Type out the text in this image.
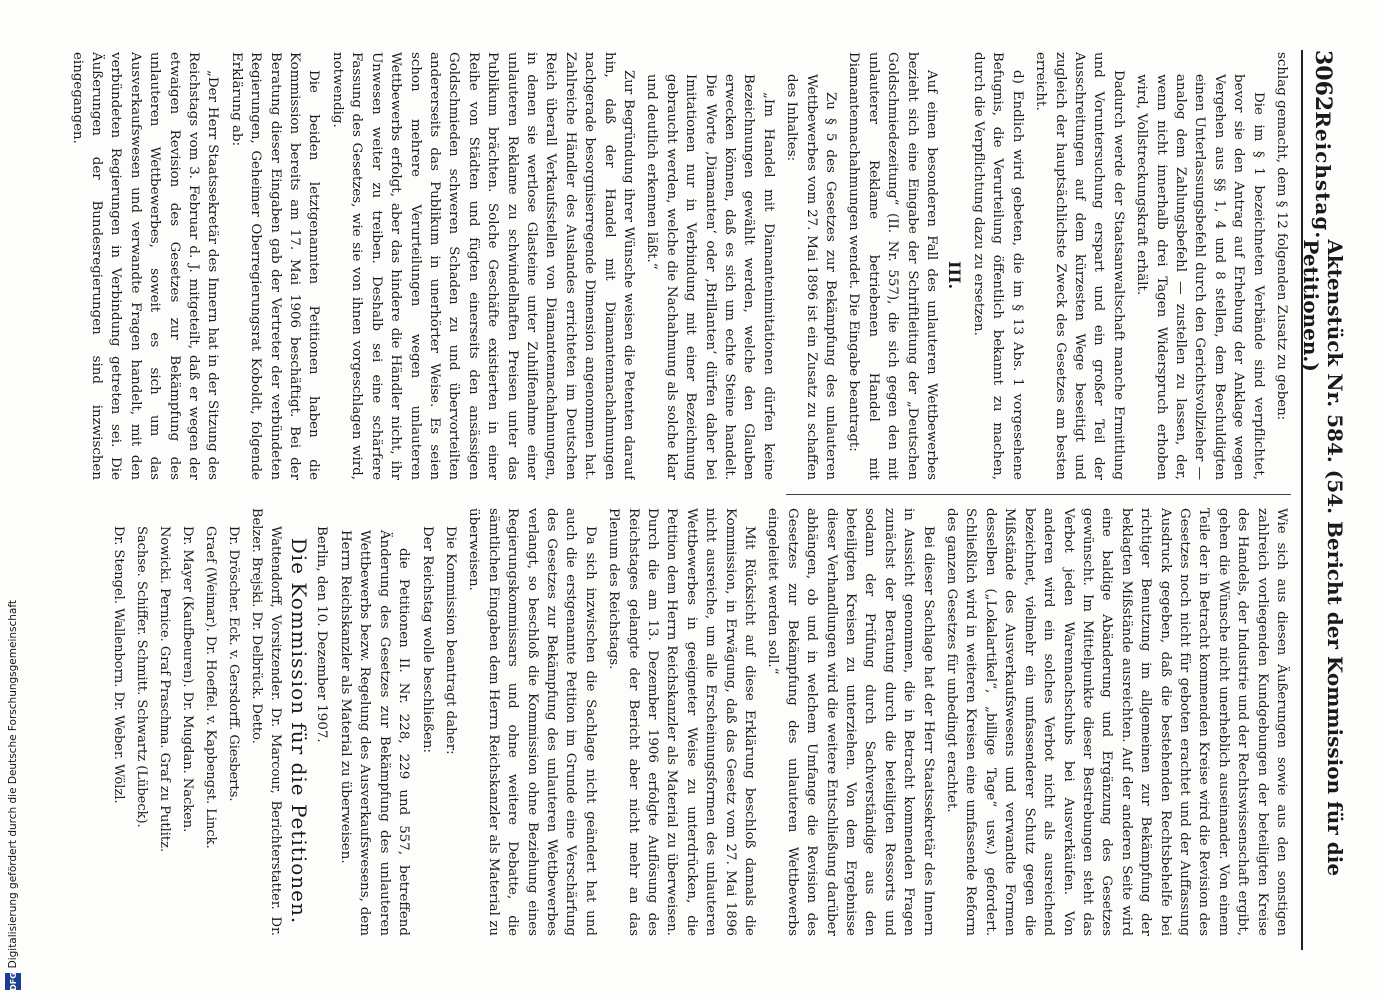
3062
Reichstag.
Aktenstück Nr. 584. (54. Bericht der Kommission für die Petitionen.)

schlag gemacht, dem § 12 folgenden Zusatz zu geben:

Die im § 1 bezeichneten Verbände sind verpflichtet, bevor sie den Antrag auf Erhebung der Anklage wegen Vergehen aus §§ 1, 4 und 8 stellen, dem Beschuldigten einen Unterlassungsbefehl durch den Gerichtsvollzieher — analog dem Zahlungsbefehl — zustellen zu lassen, der, wenn nicht innerhalb drei Tagen Widerspruch erhoben wird, Vollstreckungskraft erhält.

Dadurch werde der Staatsanwaltschaft manche Ermittlung und Voruntersuchung erspart und ein großer Teil der Ausschreitungen auf dem kürzesten Wege beseitigt und zugleich der hauptsächlichste Zweck des Gesetzes am besten erreicht.

d) Endlich wird gebeten, die im § 13 Abs. 1 vorgesehene Befugnis, die Verurteilung öffentlich bekannt zu machen, durch die Verpflichtung dazu zu ersetzen.

III.

Auf einen besonderen Fall des unlauteren Wettbewerbes bezieht sich eine Eingabe der Schriftleitung der „Deutschen Goldschmiedezeitung“ (II. Nr. 557), die sich gegen den mit unlauterer Reklame betriebenen Handel mit Diamantennachahmungen wendet. Die Eingabe beantragt:

Zu § 5 des Gesetzes zur Bekämpfung des unlauteren Wettbewerbes vom 27. Mai 1896 ist ein Zusatz zu schaffen des Inhaltes:

„Im Handel mit Diamantenimitationen dürfen keine Bezeichnungen gewählt werden, welche den Glauben erwecken können, daß es sich um echte Steine handelt. Die Worte ‚Diamanten‘ oder ‚Brillanten‘ dürfen daher bei Imitationen nur in Verbindung mit einer Bezeichnung gebraucht werden, welche die Nachahmung als solche klar und deutlich erkennen läßt.“

Zur Begründung ihrer Wünsche weisen die Petenten darauf hin, daß der Handel mit Diamantennachahmungen nachgerade besorgniserregende Dimension angenommen hat. Zahlreiche Händler des Auslandes errichteten im Deutschen Reich überall Verkaufsstellen von Diamantennachahmungen, in denen sie wertlose Glasteine unter Zuhilfenahme einer unlauteren Reklame zu schwindelhaften Preisen unter das Publikum brächten. Solche Geschäfte existierten in einer Reihe von Städten und fügten einerseits den ansässigen Goldschmieden schweren Schaden zu und übervorteilten andererseits das Publikum in unerhörter Weise. Es seien schon mehrere Verurteilungen wegen unlauteren Wettbewerbs erfolgt, aber das hindere die Händler nicht, ihr Unwesen weiter zu treiben. Deshalb sei eine schärfere Fassung des Gesetzes, wie sie von ihnen vorgeschlagen wird, notwendig.

Die beiden letztgenannten Petitionen haben die Kommission bereits am 17. Mai 1906 beschäftigt. Bei der Beratung dieser Eingaben gab der Vertreter der verbündeten Regierungen, Geheimer Oberregierungsrat Koboldt, folgende Erklärung ab:

„Der Herr Staatssekretär des Innern hat in der Sitzung des Reichstags vom 3. Februar d. J. mitgeteilt, daß er wegen der etwaigen Revision des Gesetzes zur Bekämpfung des unlauteren Wettbewerbes, soweit es sich um das Ausverkaufswesen und verwandte Fragen handelt, mit den verbündeten Regierungen in Verbindung getreten sei. Die Äußerungen der Bundesregierungen sind inzwischen eingegangen.

Wie sich aus diesen Äußerungen sowie aus den sonstigen zahlreich vorliegenden Kundgebungen der beteiligten Kreise des Handels, der Industrie und der Rechtswissenschaft ergibt, gehen die Wünsche nicht unerheblich auseinander. Von einem Teile der in Betracht kommenden Kreise wird die Revision des Gesetzes noch nicht für geboten erachtet und der Auffassung Ausdruck gegeben, daß die bestehenden Rechtsbehelfe bei richtiger Benutzung im allgemeinen zur Bekämpfung der beklagten Mißstände ausreichten. Auf der anderen Seite wird eine baldige Abänderung und Ergänzung des Gesetzes gewünscht. Im Mittelpunkte dieser Bestrebungen steht das Verbot jeden Warennachschubs bei Ausverkäufen. Von anderen wird ein solches Verbot nicht als ausreichend bezeichnet, vielmehr ein umfassenderer Schutz gegen die Mißstände des Ausverkaufswesens und verwandte Formen desselben („Lokalartikel“, „billige Tage“ usw.) gefordert. Schließlich wird in weiteren Kreisen eine umfassende Reform des ganzen Gesetzes für unbedingt erachtet.

Bei dieser Sachlage hat der Herr Staatssekretär des Innern in Aussicht genommen, die in Betracht kommenden Fragen zunächst der Beratung durch die beteiligten Ressorts und sodann der Prüfung durch Sachverständige aus den beteiligten Kreisen zu unterziehen. Von dem Ergebnisse dieser Verhandlungen wird die weitere Entschließung darüber abhängen, ob und in welchem Umfange die Revision des Gesetzes zur Bekämpfung des unlauteren Wettbewerbs eingeleitet werden soll.“

Mit Rücksicht auf diese Erklärung beschloß damals die Kommission, in Erwägung, daß das Gesetz vom 27. Mai 1896 nicht ausreiche, um alle Erscheinungsformen des unlauteren Wettbewerbes in geeigneter Weise zu unterdrücken, die Petition dem Herrn Reichskanzler als Material zu überweisen. Durch die am 13. Dezember 1906 erfolgte Auflösung des Reichstages gelangte der Bericht aber nicht mehr an das Plenum des Reichstags.

Da sich inzwischen die Sachlage nicht geändert hat und auch die erstgenannte Petition im Grunde eine Verschärfung des Gesetzes zur Bekämpfung des unlauteren Wettbewerbes verlangt, so beschloß die Kommission ohne Beziehung eines Regierungskommissars und ohne weitere Debatte, die sämtlichen Eingaben dem Herrn Reichskanzler als Material zu überweisen.

Die Kommission beantragt daher:

Der Reichstag wolle beschließen:

die Petitionen II. Nr. 228, 229 und 557, betreffend Änderung des Gesetzes zur Bekämpfung des unlauteren Wettbewerbs bezw. Regelung des Ausverkaufswesens, dem Herrn Reichskanzler als Material zu überweisen.

Berlin, den 10. Dezember 1907.

Die Kommission für die Petitionen.

Wattendorff, Vorsitzender. Dr. Marcour, Berichterstatter. Dr. Belzer. Brejski. Dr. Delbrück. Detto.

Dr. Dröscher. Eck. v. Gersdorff. Giesberts.

Graef (Weimar). Dr. Hoeffel. v. Kapbengst. Linck.

Dr. Mayer (Kaufbeuren). Dr. Mugdan. Nacken.

Nowicki. Pernice. Graf Praschma. Graf zu Putlitz.

Sachse. Schiffer. Schmitt. Schwartz (Lübeck).

Dr. Stengel. Wallenborn. Dr. Weber. Wölzl.

Digitalisierung gefördert durch die Deutsche Forschungsgemeinschaft
DFG
